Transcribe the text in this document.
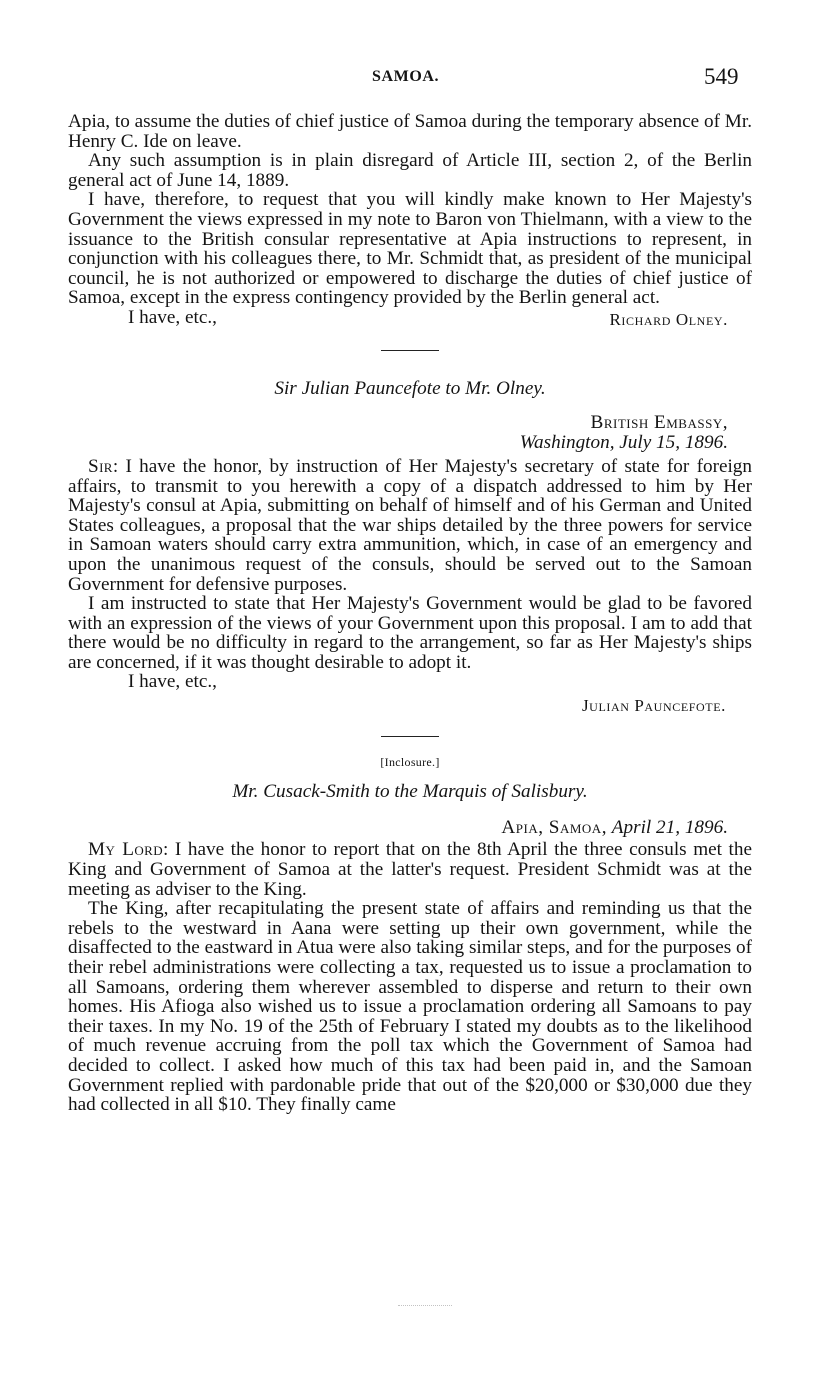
SAMOA.	549

Apia, to assume the duties of chief justice of Samoa during the temporary absence of Mr. Henry C. Ide on leave.

Any such assumption is in plain disregard of Article III, section 2, of the Berlin general act of June 14, 1889.

I have, therefore, to request that you will kindly make known to Her Majesty's Government the views expressed in my note to Baron von Thielmann, with a view to the issuance to the British consular representative at Apia instructions to represent, in conjunction with his colleagues there, to Mr. Schmidt that, as president of the municipal council, he is not authorized or empowered to discharge the duties of chief justice of Samoa, except in the express contingency provided by the Berlin general act.

I have, etc.,	Richard Olney.
Sir Julian Pauncefote to Mr. Olney.
British Embassy,
Washington, July 15, 1896.

Sir: I have the honor, by instruction of Her Majesty's secretary of state for foreign affairs, to transmit to you herewith a copy of a dispatch addressed to him by Her Majesty's consul at Apia, submitting on behalf of himself and of his German and United States colleagues, a proposal that the war ships detailed by the three powers for service in Samoan waters should carry extra ammunition, which, in case of an emergency and upon the unanimous request of the consuls, should be served out to the Samoan Government for defensive purposes.

I am instructed to state that Her Majesty's Government would be glad to be favored with an expression of the views of your Government upon this proposal. I am to add that there would be no difficulty in regard to the arrangement, so far as Her Majesty's ships are concerned, if it was thought desirable to adopt it.

I have, etc.,
Julian Pauncefote.
[Inclosure.]
Mr. Cusack-Smith to the Marquis of Salisbury.
Apia, Samoa, April 21, 1896.

My Lord: I have the honor to report that on the 8th April the three consuls met the King and Government of Samoa at the latter's request. President Schmidt was at the meeting as adviser to the King.

The King, after recapitulating the present state of affairs and reminding us that the rebels to the westward in Aana were setting up their own government, while the disaffected to the eastward in Atua were also taking similar steps, and for the purposes of their rebel administrations were collecting a tax, requested us to issue a proclamation to all Samoans, ordering them wherever assembled to disperse and return to their own homes. His Afioga also wished us to issue a proclamation ordering all Samoans to pay their taxes. In my No. 19 of the 25th of February I stated my doubts as to the likelihood of much revenue accruing from the poll tax which the Government of Samoa had decided to collect. I asked how much of this tax had been paid in, and the Samoan Government replied with pardonable pride that out of the $20,000 or $30,000 due they had collected in all $10. They finally came
